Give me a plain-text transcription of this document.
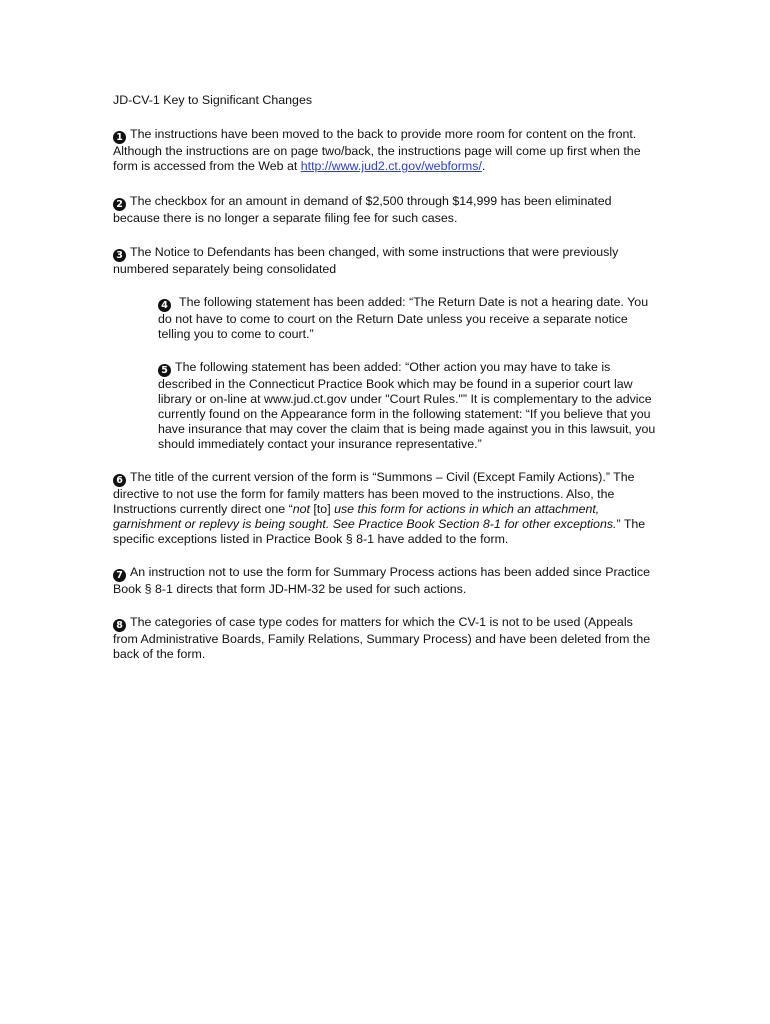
JD-CV-1 Key to Significant Changes
1 The instructions have been moved to the back to provide more room for content on the front. Although the instructions are on page two/back, the instructions page will come up first when the form is accessed from the Web at http://www.jud2.ct.gov/webforms/.
2 The checkbox for an amount in demand of $2,500 through $14,999 has been eliminated because there is no longer a separate filing fee for such cases.
3 The Notice to Defendants has been changed, with some instructions that were previously numbered separately being consolidated
4 The following statement has been added: “The Return Date is not a hearing date. You do not have to come to court on the Return Date unless you receive a separate notice telling you to come to court.”
5 The following statement has been added: “Other action you may have to take is described in the Connecticut Practice Book which may be found in a superior court law library or on-line at www.jud.ct.gov under "Court Rules."” It is complementary to the advice currently found on the Appearance form in the following statement: “If you believe that you have insurance that may cover the claim that is being made against you in this lawsuit, you should immediately contact your insurance representative.”
6 The title of the current version of the form is “Summons – Civil (Except Family Actions).” The directive to not use the form for family matters has been moved to the instructions. Also, the Instructions currently direct one “not [to] use this form for actions in which an attachment, garnishment or replevy is being sought. See Practice Book Section 8-1 for other exceptions.” The specific exceptions listed in Practice Book § 8-1 have added to the form.
7 An instruction not to use the form for Summary Process actions has been added since Practice Book § 8-1 directs that form JD-HM-32 be used for such actions.
8 The categories of case type codes for matters for which the CV-1 is not to be used (Appeals from Administrative Boards, Family Relations, Summary Process) and have been deleted from the back of the form.
